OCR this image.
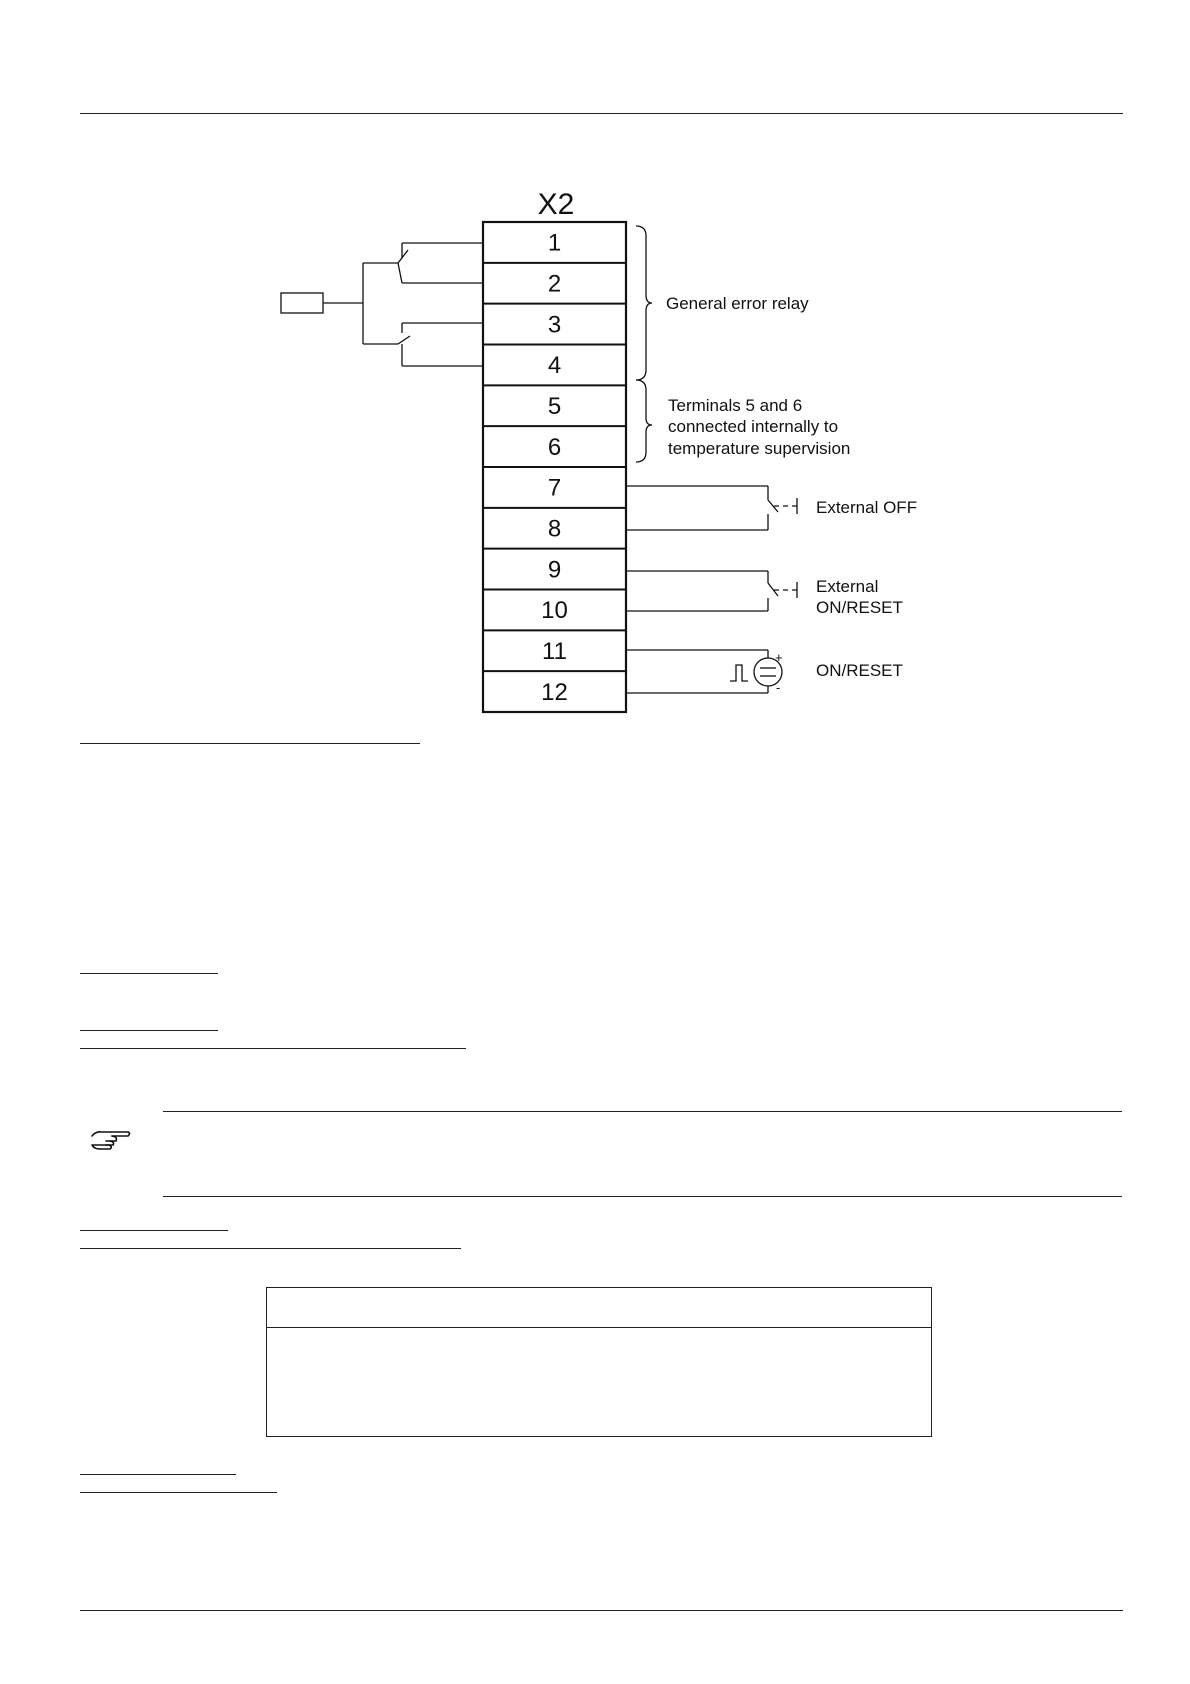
X2
1
2
3
4
5
6
7
8
9
10
11
12
General error relay
Terminals 5 and 6
connected internally to
temperature supervision
External OFF
External
ON/RESET
+
-
ON/RESET
